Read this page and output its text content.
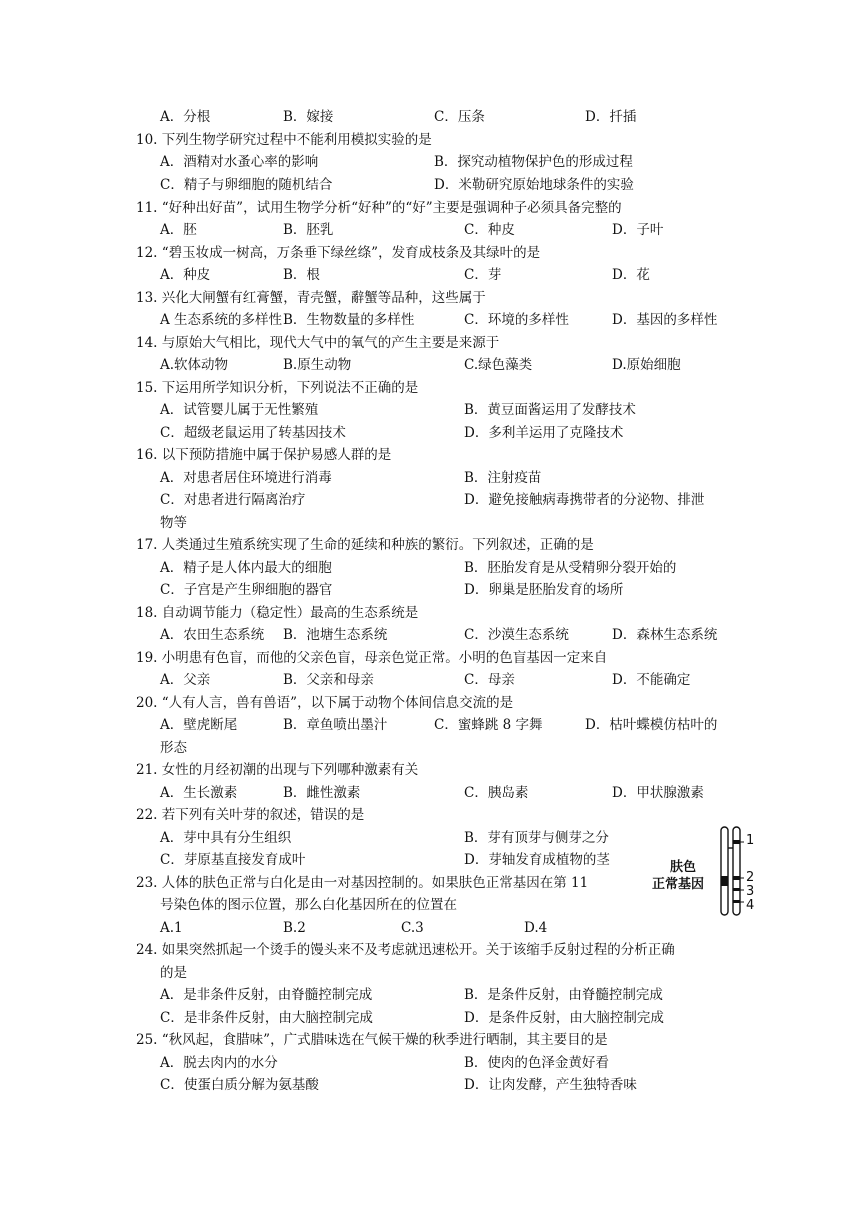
A．分根	B．嫁接	C．压条	D．扦插
10. 下列生物学研究过程中不能利用模拟实验的是
A．酒精对水蚤心率的影响	B．探究动植物保护色的形成过程
C．精子与卵细胞的随机结合	D．米勒研究原始地球条件的实验
11. “好种出好苗”，试用生物学分析“好种”的“好”主要是强调种子必须具备完整的
A．胚	B．胚乳	C．种皮	D．子叶
12. “碧玉妆成一树高，万条垂下绿丝绦”，发育成枝条及其绿叶的是
A．种皮	B．根	C．芽	D．花
13. 兴化大闸蟹有红膏蟹，青壳蟹，辭蟹等品种，这些属于
A 生态系统的多样性 B．生物数量的多样性	C．环境的多样性	D．基因的多样性
14. 与原始大气相比，现代大气中的氧气的产生主要是来源于
A.软体动物	B.原生动物	C.绿色藻类	D.原始细胞
15. 下运用所学知识分析，下列说法不正确的是
A．试管婴儿属于无性繁殖	B．黄豆面酱运用了发酵技术
C．超级老鼠运用了转基因技术	D．多利羊运用了克隆技术
16. 以下预防措施中属于保护易感人群的是
A．对患者居住环境进行消毒	B．注射疫苗
C．对患者进行隔离治疗	D．避免接触病毒携带者的分泌物、排泄
物等
17. 人类通过生殖系统实现了生命的延续和种族的繁衍。下列叙述，正确的是
A．精子是人体内最大的细胞	B．胚胎发育是从受精卵分裂开始的
C．子宫是产生卵细胞的器官	D．卵巢是胚胎发育的场所
18. 自动调节能力（稳定性）最高的生态系统是
A．农田生态系统 B．池塘生态系统	C．沙漠生态系统	D．森林生态系统
19. 小明患有色盲，而他的父亲色盲，母亲色觉正常。小明的色盲基因一定来自
A．父亲	B．父亲和母亲	C．母亲	D．不能确定
20. “人有人言，兽有兽语”，以下属于动物个体间信息交流的是
A．壁虎断尾	B．章鱼喷出墨汁	C．蜜蜂跳 8 字舞	D．枯叶蝶模仿枯叶的
形态
21. 女性的月经初潮的出现与下列哪种激素有关
A．生长激素	B．雌性激素	C．胰岛素	D．甲状腺激素
22. 若下列有关叶芽的叙述，错误的是
A．芽中具有分生组织	B．芽有顶芽与侧芽之分
C．芽原基直接发育成叶	D．芽轴发育成植物的茎
23. 人体的肤色正常与白化是由一对基因控制的。如果肤色正常基因在第 11
号染色体的图示位置，那么白化基因所在的位置在
A.1	B.2	C.3	D.4
肤色
正常基因
1
2
3
4
24. 如果突然抓起一个烫手的馒头来不及考虑就迅速松开。关于该缩手反射过程的分析正确
的是
A．是非条件反射，由脊髓控制完成	B．是条件反射，由脊髓控制完成
C．是非条件反射，由大脑控制完成	D．是条件反射，由大脑控制完成
25. “秋风起，食腊味”，广式腊味选在气候干燥的秋季进行晒制，其主要目的是
A．脱去肉内的水分	B．使肉的色泽金黄好看
C．使蛋白质分解为氨基酸	D．让肉发酵，产生独特香味
